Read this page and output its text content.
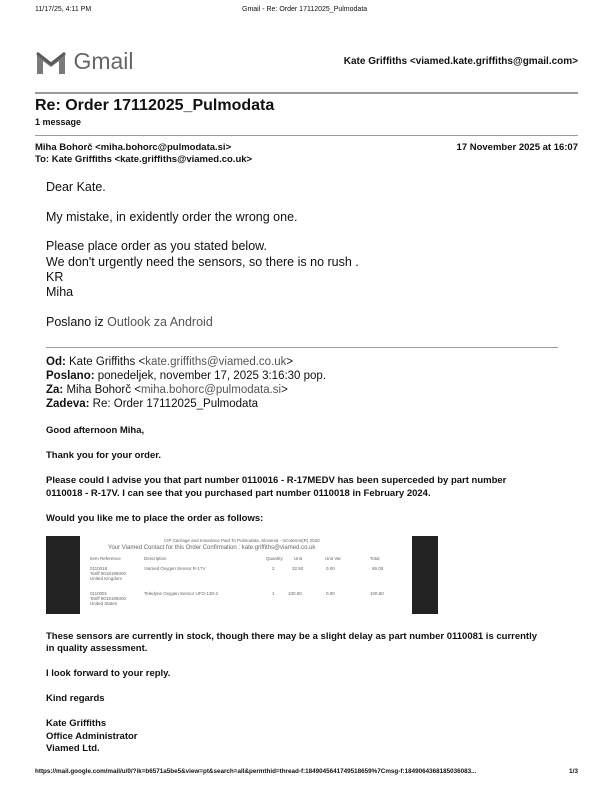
11/17/25, 4:11 PM	Gmail - Re: Order 17112025_Pulmodata
Gmail	Kate Griffiths <viamed.kate.griffiths@gmail.com>
Re: Order 17112025_Pulmodata
1 message
Miha Bohorč <miha.bohorc@pulmodata.si>	17 November 2025 at 16:07
To: Kate Griffiths <kate.griffiths@viamed.co.uk>
Dear Kate.
My mistake, in exidently order the wrong one.
Please place order as you stated below.
We don't urgently need the sensors, so there is no rush .
KR
Miha
Poslano iz Outlook za Android
Od: Kate Griffiths <kate.griffiths@viamed.co.uk>
Poslano: ponedeljek, november 17, 2025 3:16:30 pop.
Za: Miha Bohorč <miha.bohorc@pulmodata.si>
Zadeva: Re: Order 17112025_Pulmodata
Good afternoon Miha,
Thank you for your order.
Please could I advise you that part number 0110016 - R-17MEDV has been superceded by part number
0110018 - R-17V. I can see that you purchased part number 0110018 in February 2024.
Would you like me to place the order as follows:
CIP Carriage and Insurance Paid To Pulmodata, Slovenia - Incoterms(R) 2020
Your Viamed Contact for this Order Confirmation : kate.griffiths@viamed.co.uk
Item Reference	Description	Quantity Unit	Unit Vat	Total
0110018
Tariff 9018195000
United Kingdom
Viamed Oxygen Sensor R-17V	2	32.50	0.00	65.00
0110081
Tariff 9018195000
United States
Teledyne Oxygen Sensor UFO-130-2	1	100.50	0.00	100.50
These sensors are currently in stock, though there may be a slight delay as part number 0110081 is currently
in quality assessment.
I look forward to your reply.
Kind regards
Kate Griffiths
Office Administrator
Viamed Ltd.
https://mail.google.com/mail/u/0/?ik=b6571a5be5&view=pt&search=all&permthid=thread-f:1849045641749518659%7Cmsg-f:1849064368185036083...	1/3
